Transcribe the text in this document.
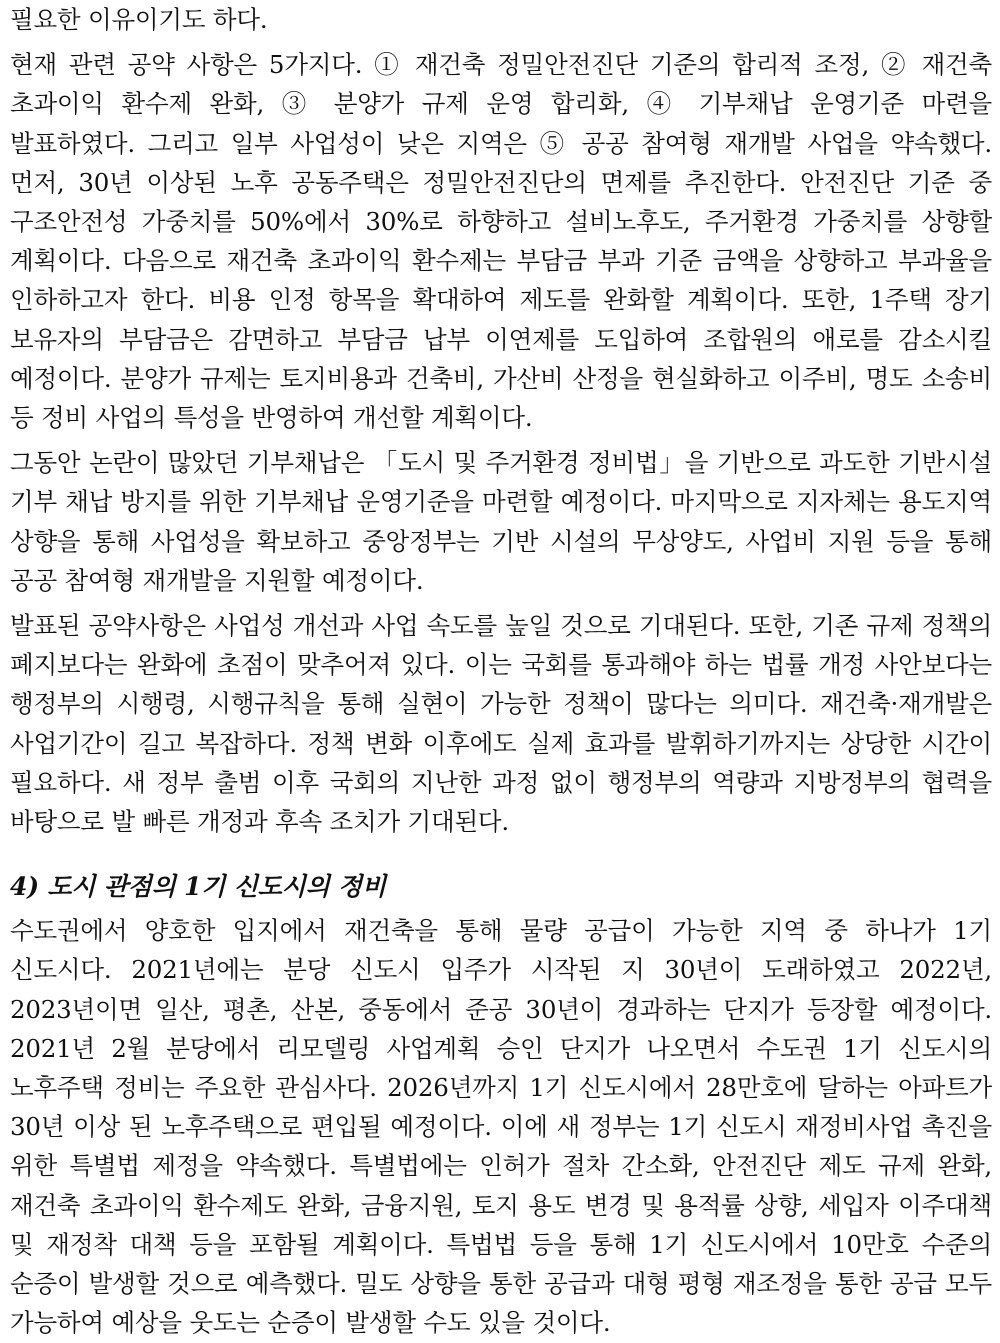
필요한 이유이기도 하다.

현재 관련 공약 사항은 5가지다. ① 재건축 정밀안전진단 기준의 합리적 조정, ② 재건축 초과이익 환수제 완화, ③ 분양가 규제 운영 합리화, ④ 기부채납 운영기준 마련을 발표하였다. 그리고 일부 사업성이 낮은 지역은 ⑤ 공공 참여형 재개발 사업을 약속했다. 먼저, 30년 이상된 노후 공동주택은 정밀안전진단의 면제를 추진한다. 안전진단 기준 중 구조안전성 가중치를 50%에서 30%로 하향하고 설비노후도, 주거환경 가중치를 상향할 계획이다. 다음으로 재건축 초과이익 환수제는 부담금 부과 기준 금액을 상향하고 부과율을 인하하고자 한다. 비용 인정 항목을 확대하여 제도를 완화할 계획이다. 또한, 1주택 장기 보유자의 부담금은 감면하고 부담금 납부 이연제를 도입하여 조합원의 애로를 감소시킬 예정이다. 분양가 규제는 토지비용과 건축비, 가산비 산정을 현실화하고 이주비, 명도 소송비 등 정비 사업의 특성을 반영하여 개선할 계획이다.

그동안 논란이 많았던 기부채납은 「도시 및 주거환경 정비법」을 기반으로 과도한 기반시설 기부 채납 방지를 위한 기부채납 운영기준을 마련할 예정이다. 마지막으로 지자체는 용도지역 상향을 통해 사업성을 확보하고 중앙정부는 기반 시설의 무상양도, 사업비 지원 등을 통해 공공 참여형 재개발을 지원할 예정이다.

발표된 공약사항은 사업성 개선과 사업 속도를 높일 것으로 기대된다. 또한, 기존 규제 정책의 폐지보다는 완화에 초점이 맞추어져 있다. 이는 국회를 통과해야 하는 법률 개정 사안보다는 행정부의 시행령, 시행규칙을 통해 실현이 가능한 정책이 많다는 의미다. 재건축·재개발은 사업기간이 길고 복잡하다. 정책 변화 이후에도 실제 효과를 발휘하기까지는 상당한 시간이 필요하다. 새 정부 출범 이후 국회의 지난한 과정 없이 행정부의 역량과 지방정부의 협력을 바탕으로 발 빠른 개정과 후속 조치가 기대된다.

4) 도시 관점의 1기 신도시의 정비

수도권에서 양호한 입지에서 재건축을 통해 물량 공급이 가능한 지역 중 하나가 1기 신도시다. 2021년에는 분당 신도시 입주가 시작된 지 30년이 도래하였고 2022년, 2023년이면 일산, 평촌, 산본, 중동에서 준공 30년이 경과하는 단지가 등장할 예정이다. 2021년 2월 분당에서 리모델링 사업계획 승인 단지가 나오면서 수도권 1기 신도시의 노후주택 정비는 주요한 관심사다. 2026년까지 1기 신도시에서 28만호에 달하는 아파트가 30년 이상 된 노후주택으로 편입될 예정이다. 이에 새 정부는 1기 신도시 재정비사업 촉진을 위한 특별법 제정을 약속했다. 특별법에는 인허가 절차 간소화, 안전진단 제도 규제 완화, 재건축 초과이익 환수제도 완화, 금융지원, 토지 용도 변경 및 용적률 상향, 세입자 이주대책 및 재정착 대책 등을 포함될 계획이다. 특법법 등을 통해 1기 신도시에서 10만호 수준의 순증이 발생할 것으로 예측했다. 밀도 상향을 통한 공급과 대형 평형 재조정을 통한 공급 모두 가능하여 예상을 웃도는 순증이 발생할 수도 있을 것이다.
